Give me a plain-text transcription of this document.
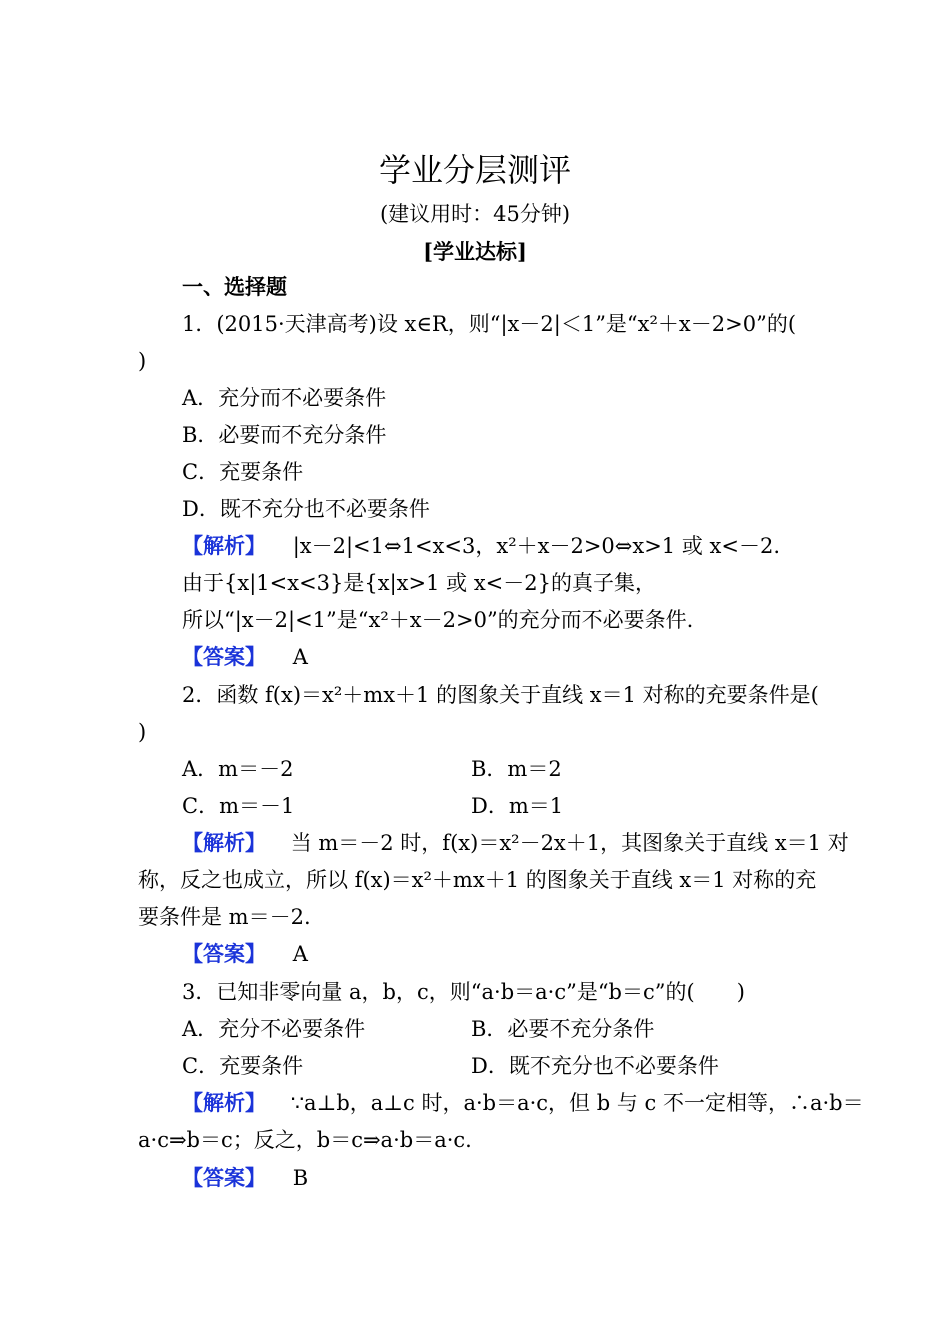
学业分层测评
(建议用时：45分钟)
[学业达标]
一、选择题
1．(2015·天津高考)设 x∈R，则“|x－2|＜1”是“x²＋x－2>0”的(
)
A．充分而不必要条件
B．必要而不充分条件
C．充要条件
D．既不充分也不必要条件
【解析】 |x－2|<1⇔1<x<3，x²＋x－2>0⇔x>1 或 x<－2.
由于{x|1<x<3}是{x|x>1 或 x<－2}的真子集，
所以“|x－2|<1”是“x²＋x－2>0”的充分而不必要条件.
【答案】 A
2．函数 f(x)＝x²＋mx＋1 的图象关于直线 x＝1 对称的充要条件是(
)
A．m＝－2	B．m＝2
C．m＝－1	D．m＝1
【解析】 当 m＝－2 时，f(x)＝x²－2x＋1，其图象关于直线 x＝1 对
称，反之也成立，所以 f(x)＝x²＋mx＋1 的图象关于直线 x＝1 对称的充
要条件是 m＝－2.
【答案】 A
3．已知非零向量 a，b，c，则“a·b＝a·c”是“b＝c”的(　　)
A．充分不必要条件	B．必要不充分条件
C．充要条件	D．既不充分也不必要条件
【解析】 ∵a⊥b，a⊥c 时，a·b＝a·c，但 b 与 c 不一定相等，∴a·b＝
a·c⇒b＝c；反之，b＝c⇒a·b＝a·c.
【答案】 B
